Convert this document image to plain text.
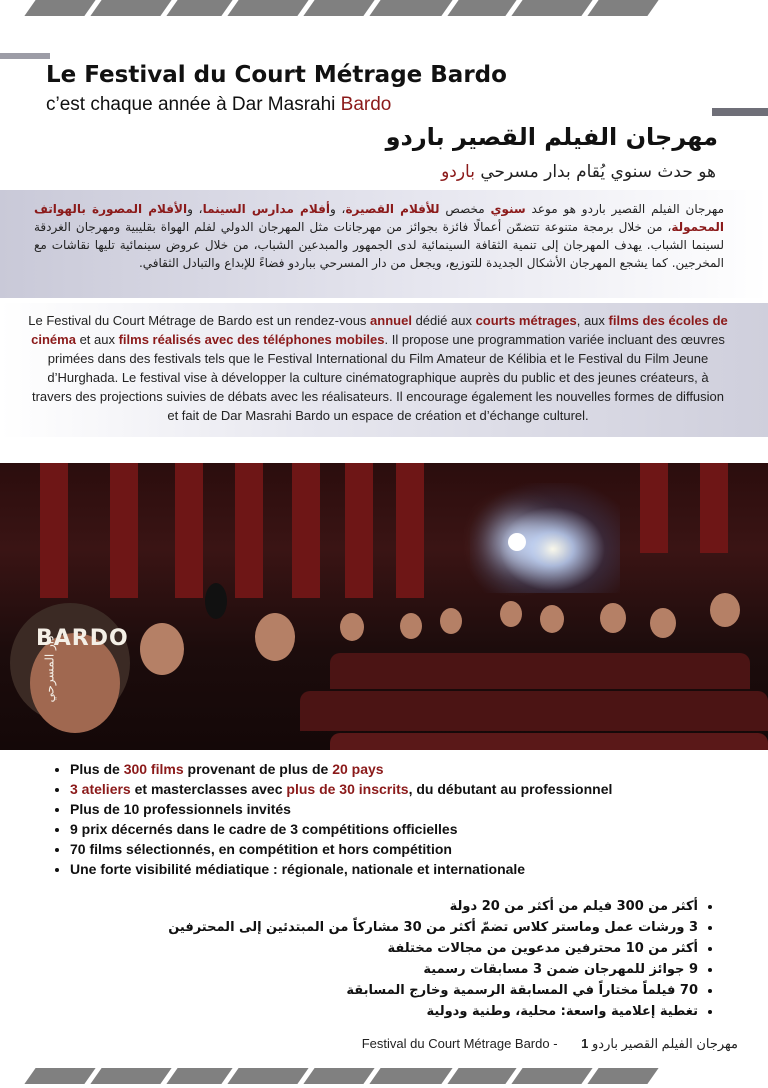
Le Festival du Court Métrage Bardo

c’est chaque année à Dar Masrahi Bardo

مهرجان الفيلم القصير باردو
هو حدث سنوي يُقام بدار مسرحي باردو

مهرجان الفيلم القصير باردو هو موعد سنوي مخصص للأفلام القصيرة، وأفلام مدارس السينما، والأفلام المصورة بالهواتف المحمولة، من خلال برمجة متنوعة تتضمّن أعمالًا فائزة بجوائز من مهرجانات مثل المهرجان الدولي لفلم الهواة بقليبية ومهرجان الغردقة لسينما الشباب. يهدف المهرجان إلى تنمية الثقافة السينمائية لدى الجمهور والمبدعين الشباب، من خلال عروض سينمائية تليها نقاشات مع المخرجين. كما يشجع المهرجان الأشكال الجديدة للتوزيع، ويجعل من دار المسرحي بباردو فضاءً للإبداع والتبادل الثقافي.

Le Festival du Court Métrage de Bardo est un rendez-vous annuel dédié aux courts métrages, aux films des écoles de cinéma et aux films réalisés avec des téléphones mobiles. Il propose une programmation variée incluant des œuvres primées dans des festivals tels que le Festival International du Film Amateur de Kélibia et le Festival du Film Jeune d’Hurghada. Le festival vise à développer la culture cinématographique auprès du public et des jeunes créateurs, à travers des projections suivies de débats avec les réalisateurs. Il encourage également les nouvelles formes de diffusion et fait de Dar Masrahi Bardo un espace de création et d’échange culturel.

BARDO
دار المسرحي
• Plus de 300 films provenant de plus de 20 pays
• 3 ateliers et masterclasses avec plus de 30 inscrits, du débutant au professionnel
• Plus de 10 professionnels invités
• 9 prix décernés dans le cadre de 3 compétitions officielles
• 70 films sélectionnés, en compétition et hors compétition
• Une forte visibilité médiatique : régionale, nationale et internationale
• أكثر من 300 فيلم من أكثر من 20 دولة
• 3 ورشات عمل وماستر كلاس تضمّ أكثر من 30 مشاركاً من المبتدئين إلى المحترفين
• أكثر من 10 محترفين مدعوين من مجالات مختلفة
• 9 جوائز للمهرجان ضمن 3 مسابقات رسمية
• 70 فيلماً مختاراً في المسابقة الرسمية وخارج المسابقة
• تغطية إعلامية واسعة: محلية، وطنية ودولية
Festival du Court Métrage Bardo - مهرجان الفيلم القصير باردو 1
